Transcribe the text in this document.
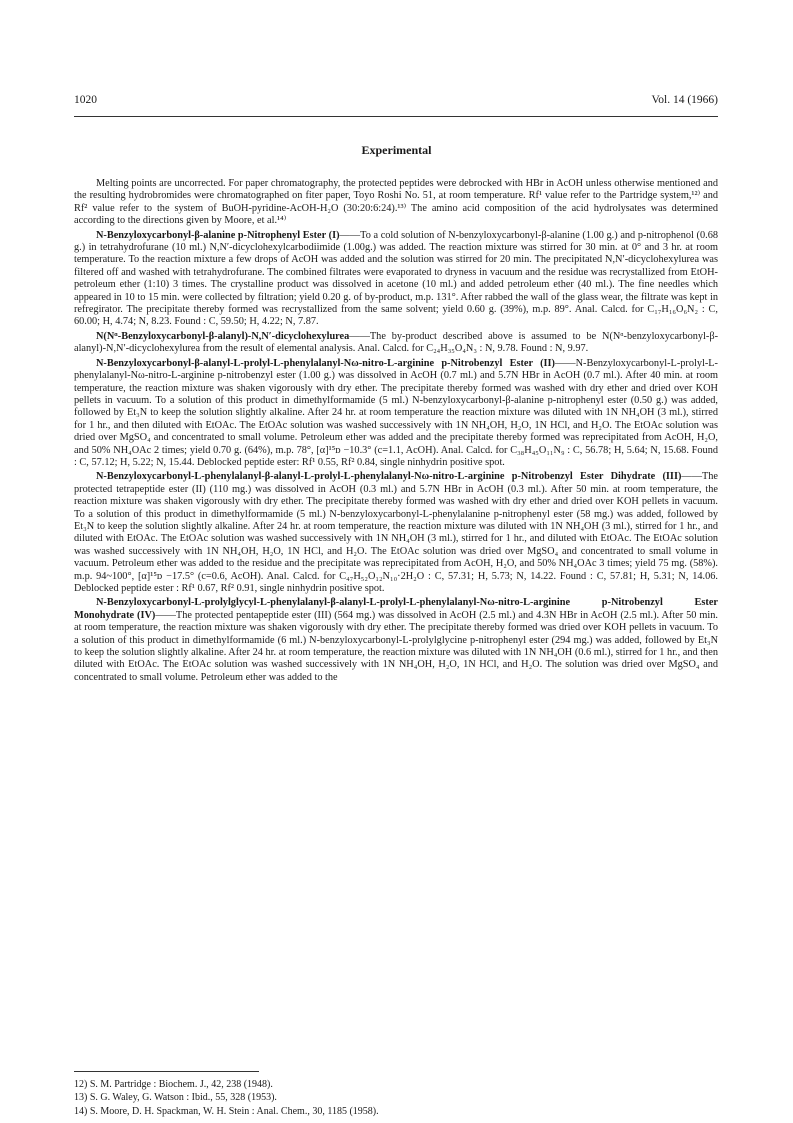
1020	Vol. 14 (1966)
Experimental

Melting points are uncorrected. For paper chromatography, the protected peptides were debrocked with HBr in AcOH unless otherwise mentioned and the resulting hydrobromides were chromatographed on fiter paper, Toyo Roshi No. 51, at room temperature. Rf¹ value refer to the Partridge system,¹²⁾ and Rf² value refer to the system of BuOH-pyridine-AcOH-H₂O (30:20:6:24).¹³⁾ The amino acid composition of the acid hydrolysates was determined according to the directions given by Moore, et al.¹⁴⁾

N-Benzyloxycarbonyl-β-alanine p-Nitrophenyl Ester (I)——To a cold solution of N-benzyloxycarbonyl-β-alanine (1.00 g.) and p-nitrophenol (0.68 g.) in tetrahydrofurane (10 ml.) N,N′-dicyclohexylcarbodiimide (1.00g.) was added. The reaction mixture was stirred for 30 min. at 0° and 3 hr. at room temperature. To the reaction mixture a few drops of AcOH was added and the solution was stirred for 20 min. The precipitated N,N′-dicyclohexylurea was filtered off and washed with tetrahydrofurane. The combined filtrates were evaporated to dryness in vacuum and the residue was recrystallized from EtOH-petroleum ether (1:10) 3 times. The crystalline product was dissolved in acetone (10 ml.) and added petroleum ether (40 ml.). The fine needles which appeared in 10 to 15 min. were collected by filtration; yield 0.20 g. of by-product, m.p. 131°. After rabbed the wall of the glass wear, the filtrate was kept in refregirator. The precipitate thereby formed was recrystallized from the same solvent; yield 0.60 g. (39%), m.p. 89°. Anal. Calcd. for C₁₇H₁₆O₆N₂ : C, 60.00; H, 4.74; N, 8.23. Found : C, 59.50; H, 4.22; N, 7.87.

N(Nᵅ-Benzyloxycarbonyl-β-alanyl)-N,N′-dicyclohexylurea——The by-product described above is assumed to be N(Nᵅ-benzyloxycarbonyl-β-alanyl)-N,N′-dicyclohexylurea from the result of elemental analysis. Anal. Calcd. for C₂₄H₃₅O₄N₃ : N, 9.78. Found : N, 9.97.

N-Benzyloxycarbonyl-β-alanyl-L-prolyl-L-phenylalanyl-Nω-nitro-L-arginine p-Nitrobenzyl Ester (II)——N-Benzyloxycarbonyl-L-prolyl-L-phenylalanyl-Nω-nitro-L-arginine p-nitrobenzyl ester (1.00 g.) was dissolved in AcOH (0.7 ml.) and 5.7N HBr in AcOH (0.7 ml.). After 40 min. at room temperature, the reaction mixture was shaken vigorously with dry ether. The precipitate thereby formed was washed with dry ether and dried over KOH pellets in vacuum. To a solution of this product in dimethylformamide (5 ml.) N-benzyloxycarbonyl-β-alanine p-nitrophenyl ester (0.50 g.) was added, followed by Et₃N to keep the solution slightly alkaline. After 24 hr. at room temperature the reaction mixture was diluted with 1N NH₄OH (3 ml.), stirred for 1 hr., and then diluted with EtOAc. The EtOAc solution was washed successively with 1N NH₄OH, H₂O, 1N HCl, and H₂O. The EtOAc solution was dried over MgSO₄ and concentrated to small volume. Petroleum ether was added and the precipitate thereby formed was reprecipitated from AcOH, H₂O, and 50% NH₄OAc 2 times; yield 0.70 g. (64%), m.p. 78°, [α]¹⁵ᴅ −10.3° (c=1.1, AcOH). Anal. Calcd. for C₃₈H₄₅O₁₁N₉ : C, 56.78; H, 5.64; N, 15.68. Found : C, 57.12; H, 5.22; N, 15.44. Deblocked peptide ester: Rf¹ 0.55, Rf² 0.84, single ninhydrin positive spot.

N-Benzyloxycarbonyl-L-phenylalanyl-β-alanyl-L-prolyl-L-phenylalanyl-Nω-nitro-L-arginine p-Nitrobenzyl Ester Dihydrate (III)——The protected tetrapeptide ester (II) (110 mg.) was dissolved in AcOH (0.3 ml.) and 5.7N HBr in AcOH (0.3 ml.). After 50 min. at room temperature, the reaction mixture was shaken vigorously with dry ether. The precipitate thereby formed was washed with dry ether and dried over KOH pellets in vacuum. To a solution of this product in dimethylformamide (5 ml.) N-benzyloxycarbonyl-L-phenylalanine p-nitrophenyl ester (58 mg.) was added, followed by Et₃N to keep the solution slightly alkaline. After 24 hr. at room temperature, the reaction mixture was diluted with 1N NH₄OH (3 ml.), stirred for 1 hr., and diluted with EtOAc. The EtOAc solution was washed successively with 1N NH₄OH (3 ml.), stirred for 1 hr., and diluted with EtOAc. The EtOAc solution was washed successively with 1N NH₄OH, H₂O, 1N HCl, and H₂O. The EtOAc solution was dried over MgSO₄ and concentrated to small volume in vacuum. Petroleum ether was added to the residue and the precipitate was reprecipitated from AcOH, H₂O, and 50% NH₄OAc 3 times; yield 75 mg. (58%). m.p. 94~100°, [α]¹⁵ᴅ −17.5° (c=0.6, AcOH). Anal. Calcd. for C₄₇H₅₂O₁₂N₁₀·2H₂O : C, 57.31; H, 5.73; N, 14.22. Found : C, 57.81; H, 5.31; N, 14.06. Deblocked peptide ester : Rf¹ 0.67, Rf² 0.91, single ninhydrin positive spot.

N-Benzyloxycarbonyl-L-prolylglycyl-L-phenylalanyl-β-alanyl-L-prolyl-L-phenylalanyl-Nω-nitro-L-arginine p-Nitrobenzyl Ester Monohydrate (IV)——The protected pentapeptide ester (III) (564 mg.) was dissolved in AcOH (2.5 ml.) and 4.3N HBr in AcOH (2.5 ml.). After 50 min. at room temperature, the reaction mixture was shaken vigorously with dry ether. The precipitate thereby formed was dried over KOH pellets in vacuum. To a solution of this product in dimethylformamide (6 ml.) N-benzyloxycarbonyl-L-prolylglycine p-nitrophenyl ester (294 mg.) was added, followed by Et₃N to keep the solution slightly alkaline. After 24 hr. at room temperature, the reaction mixture was diluted with 1N NH₄OH (0.6 ml.), stirred for 1 hr., and then diluted with EtOAc. The EtOAc solution was washed successively with 1N NH₄OH, H₂O, 1N HCl, and H₂O. The solution was dried over MgSO₄ and concentrated to small volume. Petroleum ether was added to the

12) S. M. Partridge : Biochem. J., 42, 238 (1948).
13) S. G. Waley, G. Watson : Ibid., 55, 328 (1953).
14) S. Moore, D. H. Spackman, W. H. Stein : Anal. Chem., 30, 1185 (1958).
